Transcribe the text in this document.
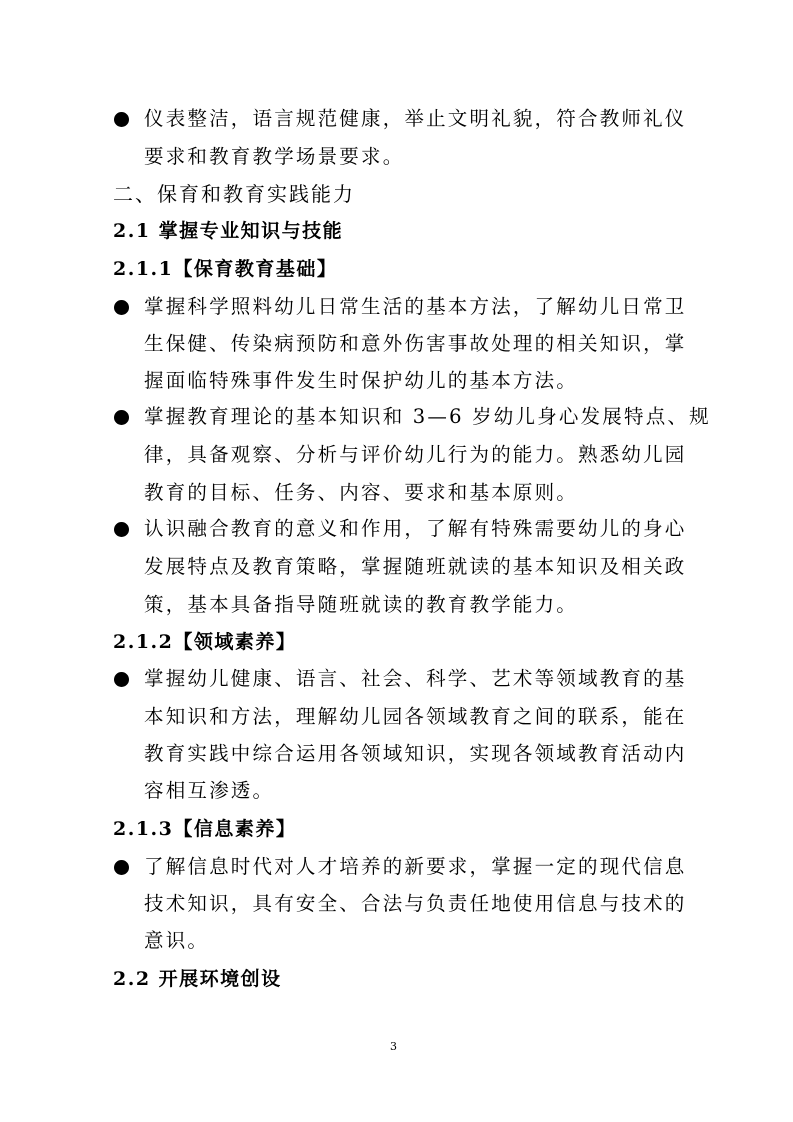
仪表整洁，语言规范健康，举止文明礼貌，符合教师礼仪
要求和教育教学场景要求。
二、保育和教育实践能力
2.1 掌握专业知识与技能
2.1.1【保育教育基础】
掌握科学照料幼儿日常生活的基本方法，了解幼儿日常卫
生保健、传染病预防和意外伤害事故处理的相关知识，掌
握面临特殊事件发生时保护幼儿的基本方法。
掌握教育理论的基本知识和 3—6 岁幼儿身心发展特点、规
律，具备观察、分析与评价幼儿行为的能力。熟悉幼儿园
教育的目标、任务、内容、要求和基本原则。
认识融合教育的意义和作用，了解有特殊需要幼儿的身心
发展特点及教育策略，掌握随班就读的基本知识及相关政
策，基本具备指导随班就读的教育教学能力。
2.1.2【领域素养】
掌握幼儿健康、语言、社会、科学、艺术等领域教育的基
本知识和方法，理解幼儿园各领域教育之间的联系，能在
教育实践中综合运用各领域知识，实现各领域教育活动内
容相互渗透。
2.1.3【信息素养】
了解信息时代对人才培养的新要求，掌握一定的现代信息
技术知识，具有安全、合法与负责任地使用信息与技术的
意识。
2.2 开展环境创设
3
